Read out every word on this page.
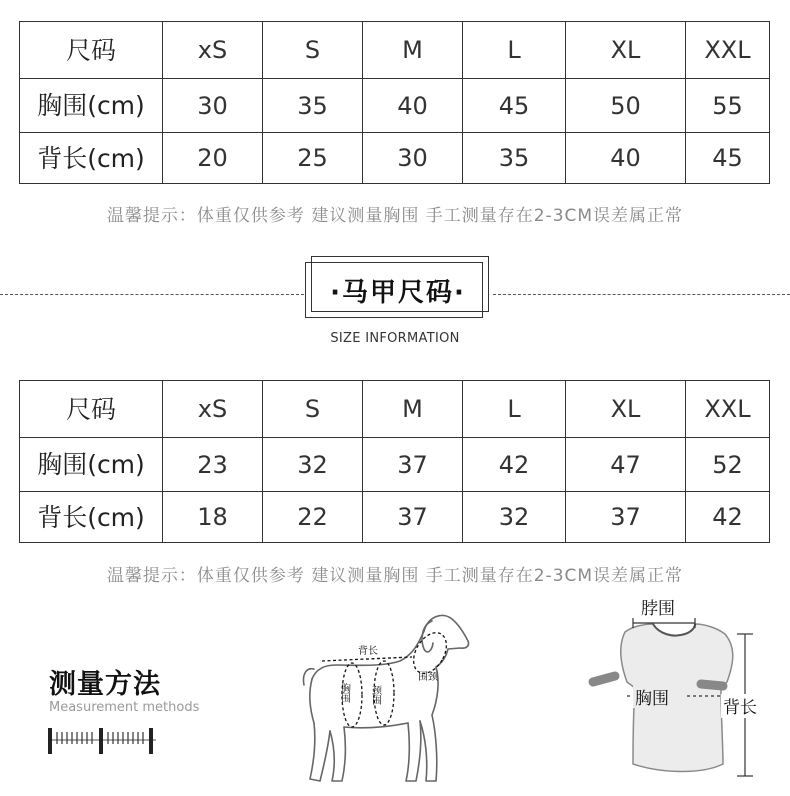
尺码	xS	S	M	L	XL	XXL
胸围(cm)	30	35	40	45	50	55
背长(cm)	20	25	30	35	40	45
温馨提示：体重仅供参考 建议测量胸围 手工测量存在2-3CM误差属正常
·马甲尺码·
SIZE INFORMATION
尺码	xS	S	M	L	XL	XXL
胸围(cm)	23	32	37	42	47	52
背长(cm)	18	22	37	32	37	42
温馨提示：体重仅供参考 建议测量胸围 手工测量存在2-3CM误差属正常
测量方法
Measurement methods
背长
胸围 颈围
围颈
脖围
胸围	背长
